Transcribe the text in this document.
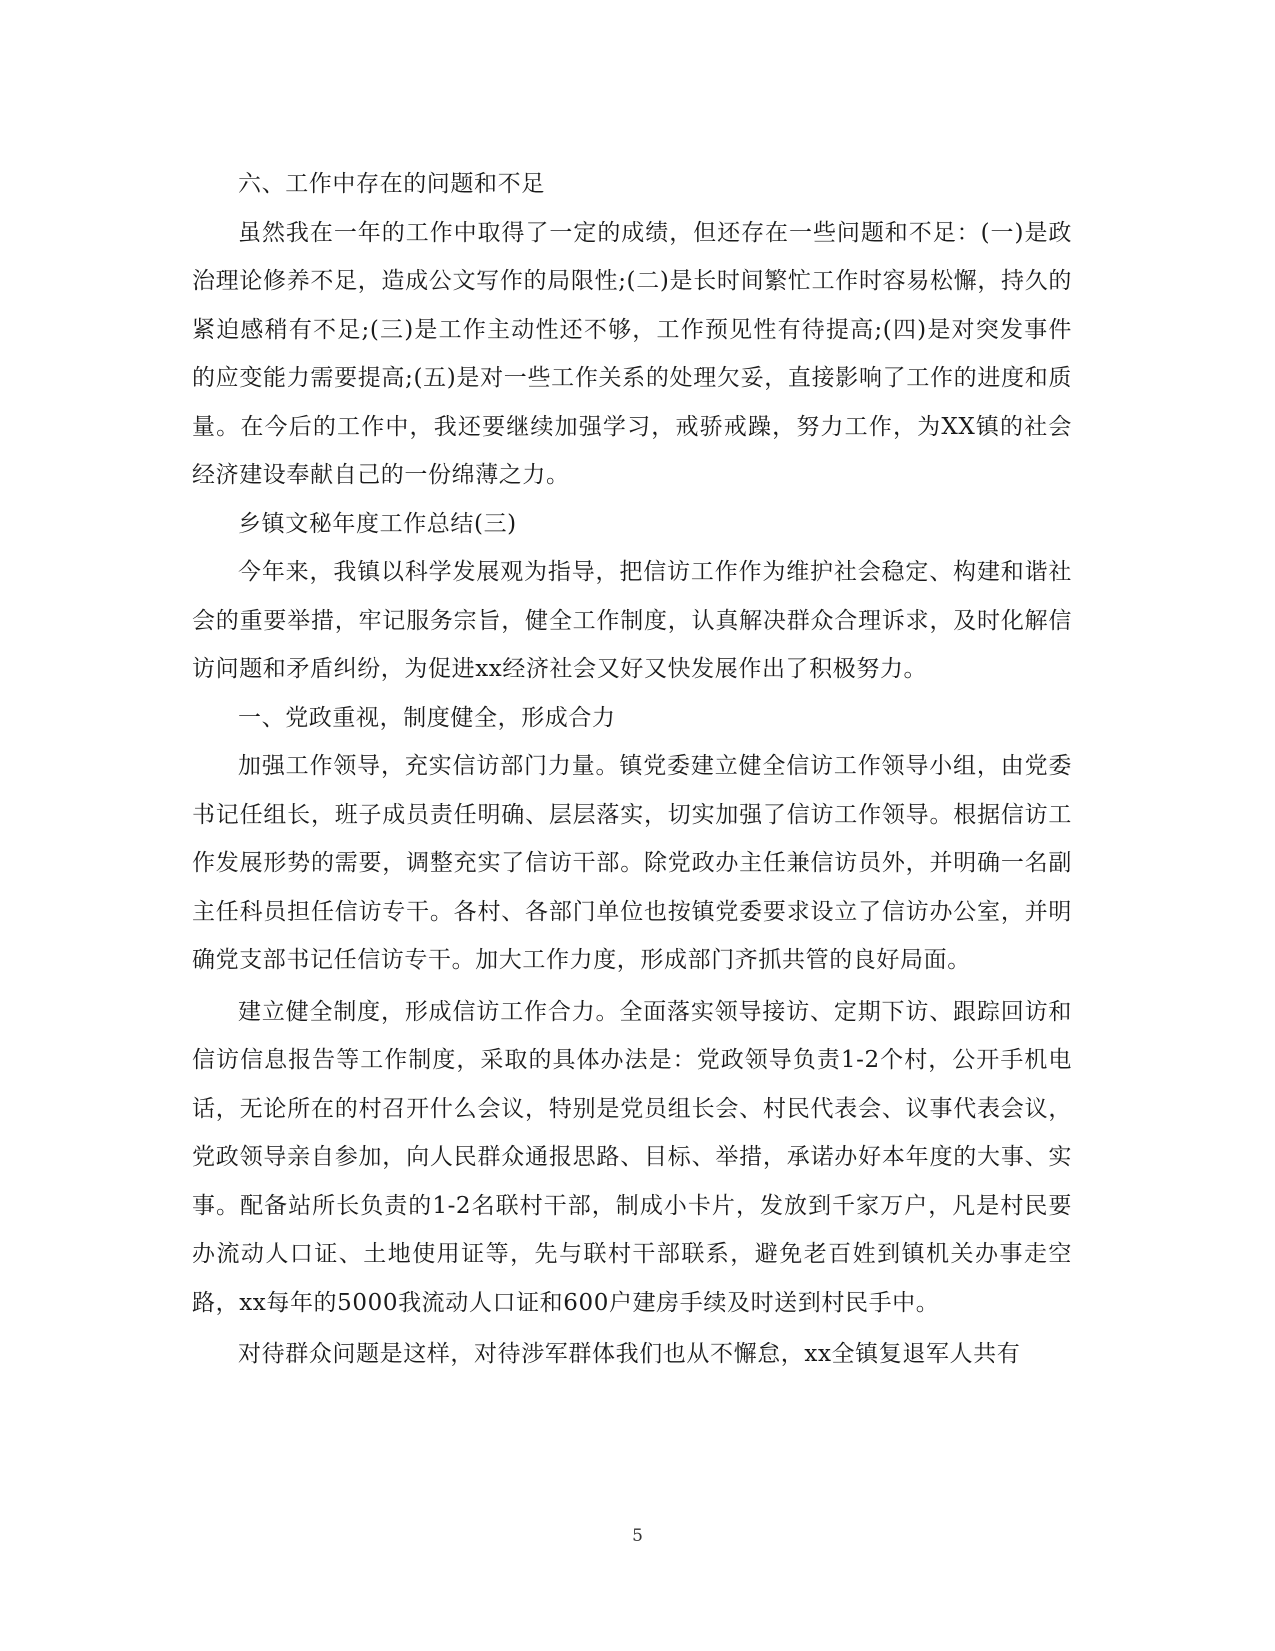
六、工作中存在的问题和不足

虽然我在一年的工作中取得了一定的成绩，但还存在一些问题和不足：(一)是政治理论修养不足，造成公文写作的局限性;(二)是长时间繁忙工作时容易松懈，持久的紧迫感稍有不足;(三)是工作主动性还不够，工作预见性有待提高;(四)是对突发事件的应变能力需要提高;(五)是对一些工作关系的处理欠妥，直接影响了工作的进度和质量。在今后的工作中，我还要继续加强学习，戒骄戒躁，努力工作，为XX镇的社会经济建设奉献自己的一份绵薄之力。

乡镇文秘年度工作总结(三)

今年来，我镇以科学发展观为指导，把信访工作作为维护社会稳定、构建和谐社会的重要举措，牢记服务宗旨，健全工作制度，认真解决群众合理诉求，及时化解信访问题和矛盾纠纷，为促进xx经济社会又好又快发展作出了积极努力。

一、党政重视，制度健全，形成合力

加强工作领导，充实信访部门力量。镇党委建立健全信访工作领导小组，由党委书记任组长，班子成员责任明确、层层落实，切实加强了信访工作领导。根据信访工作发展形势的需要，调整充实了信访干部。除党政办主任兼信访员外，并明确一名副主任科员担任信访专干。各村、各部门单位也按镇党委要求设立了信访办公室，并明确党支部书记任信访专干。加大工作力度，形成部门齐抓共管的良好局面。

建立健全制度，形成信访工作合力。全面落实领导接访、定期下访、跟踪回访和信访信息报告等工作制度，采取的具体办法是：党政领导负责1-2个村，公开手机电话，无论所在的村召开什么会议，特别是党员组长会、村民代表会、议事代表会议，党政领导亲自参加，向人民群众通报思路、目标、举措，承诺办好本年度的大事、实事。配备站所长负责的1-2名联村干部，制成小卡片，发放到千家万户，凡是村民要办流动人口证、土地使用证等，先与联村干部联系，避免老百姓到镇机关办事走空路，xx每年的5000我流动人口证和600户建房手续及时送到村民手中。

对待群众问题是这样，对待涉军群体我们也从不懈怠，xx全镇复退军人共有

5
